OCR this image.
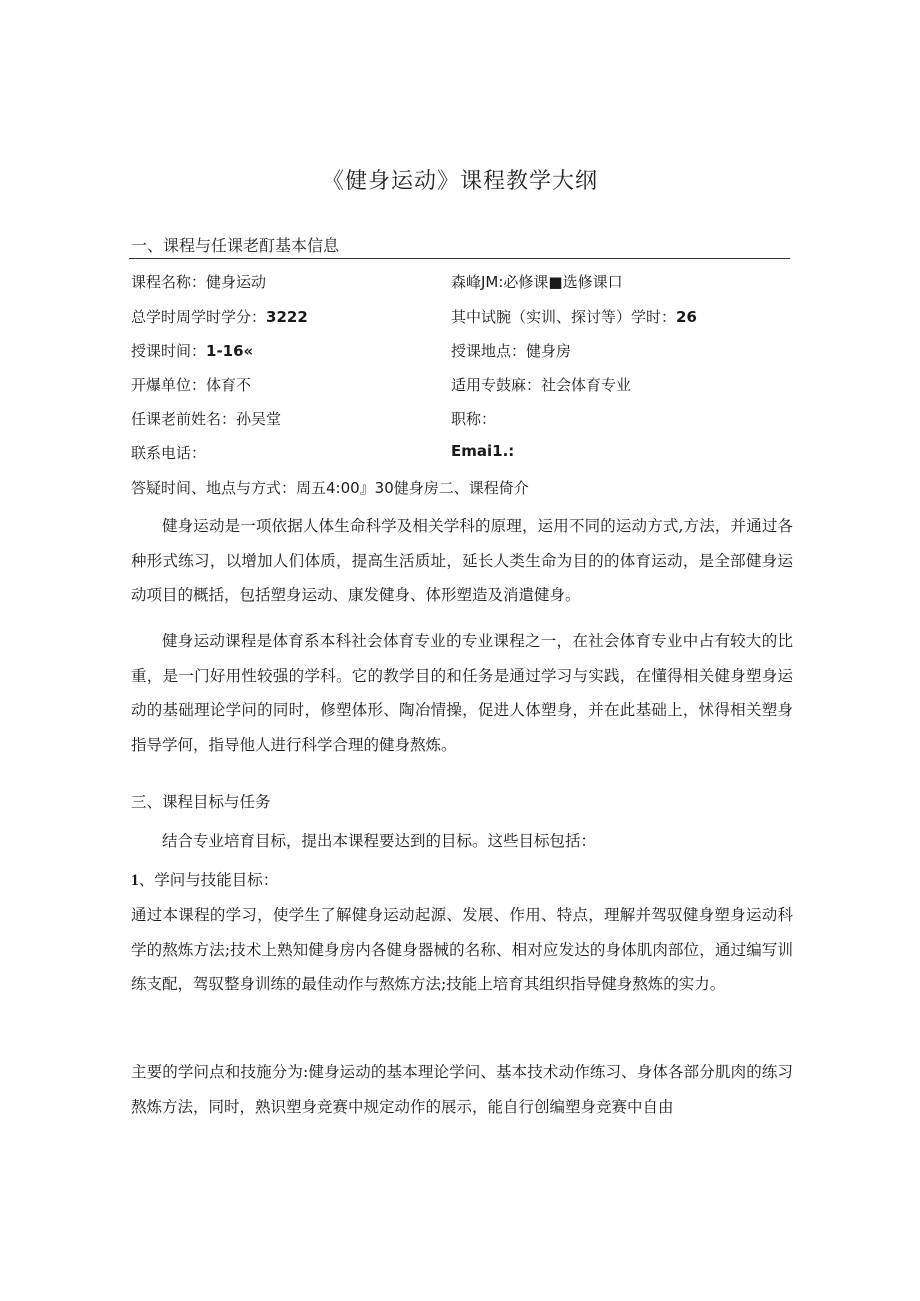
《健身运动》课程教学大纲
一、课程与任课老酊基本信息
课程名称：健身运动	森峰JM:必修课■选修课口
总学时周学时学分：3222	其中试腕（实训、探讨等）学时：26
授课时间：1-16«	授课地点：健身房
开爆单位：体育不	适用专鼓麻：社会体育专业
任课老前姓名：孙吴堂	职称：
联系电话：	Emai1.:
答疑时间、地点与方式：周五4:00』30健身房二、课程倚介

健身运动是一项依据人体生命科学及相关学科的原理，运用不同的运动方式,方法，并通过各种形式练习，以增加人们体质，提高生活质址，延长人类生命为目的的体育运动，是全部健身运动项目的概括，包括塑身运动、康发健身、体形塑造及消遣健身。

健身运动课程是体育系本科社会体育专业的专业课程之一，在社会体育专业中占有较大的比重，是一门好用性较强的学科。它的教学目的和任务是通过学习与实践，在懂得相关健身塑身运动的基础理论学问的同时，修塑体形、陶冶情操，促进人体塑身，并在此基础上，怵得相关塑身指导学何，指导他人进行科学合理的健身熬炼。

三、课程目标与任务
结合专业培育目标，提出本课程要达到的目标。这些目标包括：
1、学问与技能目标：

通过本课程的学习，使学生了解健身运动起源、发展、作用、特点，理解并驾驭健身塑身运动科学的熬炼方法;技术上熟知健身房内各健身器械的名称、相对应发达的身体肌肉部位，通过编写训练支配，驾驭整身训练的最佳动作与熬炼方法;技能上培育其组织指导健身熬炼的实力。

主要的学问点和技施分为:健身运动的基本理论学问、基本技术动作练习、身体各部分肌肉的练习熬炼方法，同时，熟识塑身竞赛中规定动作的展示，能自行创编塑身竞赛中自由
